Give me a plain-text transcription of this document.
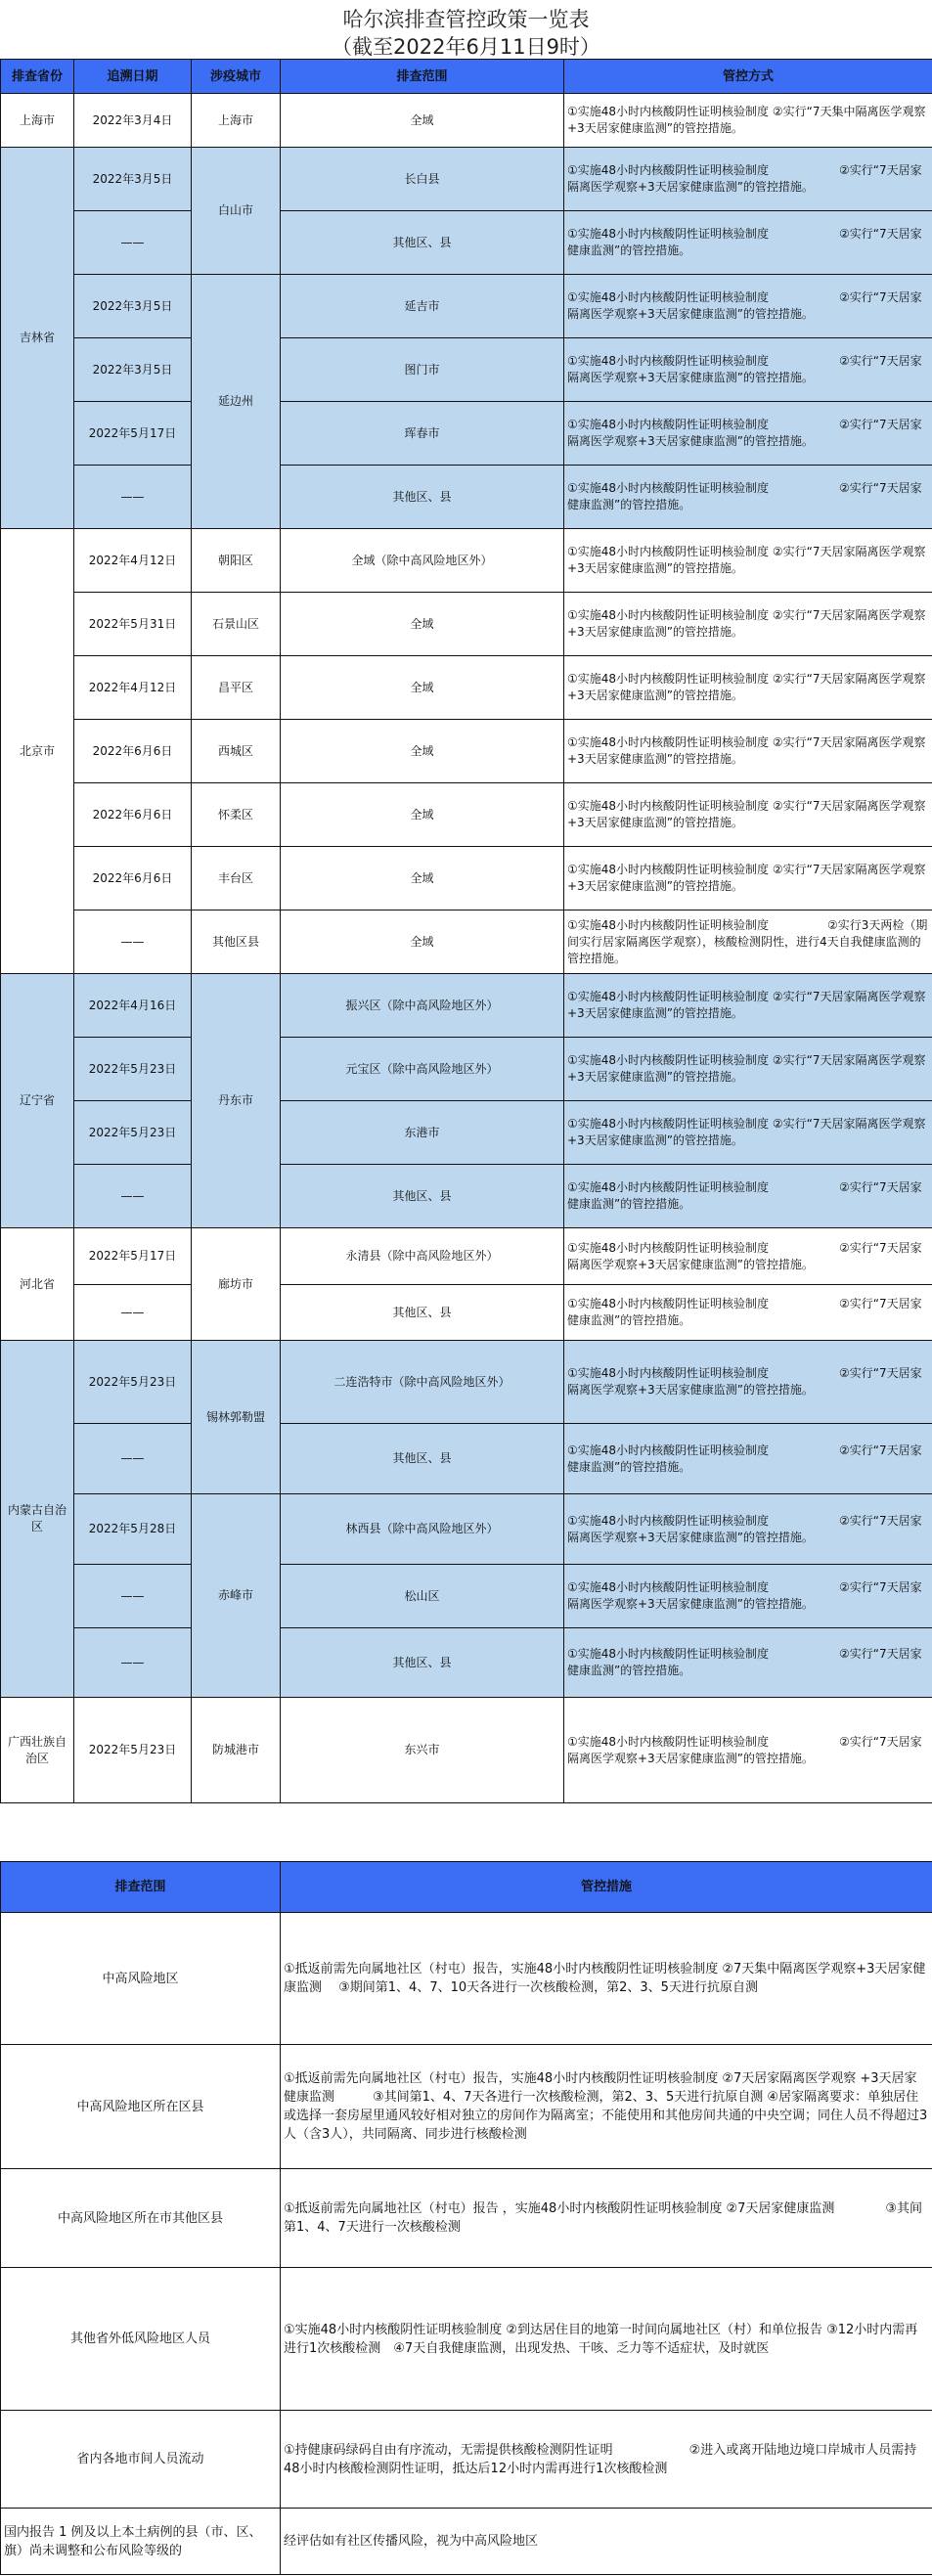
哈尔滨排查管控政策一览表
（截至2022年6月11日9时）
排查省份	追溯日期	涉疫城市	排查范围	管控方式
上海市	2022年3月4日	上海市	全域	①实施48小时内核酸阴性证明核验制度 ②实行“7天集中隔离医学观察+3天居家健康监测”的管控措施。
吉林省	2022年3月5日	白山市	长白县	①实施48小时内核酸阴性证明核验制度　　　　　　②实行“7天居家隔离医学观察+3天居家健康监测”的管控措施。
	——		其他区、县	①实施48小时内核酸阴性证明核验制度　　　　　　②实行“7天居家健康监测”的管控措施。
	2022年3月5日	延边州	延吉市	①实施48小时内核酸阴性证明核验制度　　　　　　②实行“7天居家隔离医学观察+3天居家健康监测”的管控措施。
	2022年3月5日		图门市	①实施48小时内核酸阴性证明核验制度　　　　　　②实行“7天居家隔离医学观察+3天居家健康监测”的管控措施。
	2022年5月17日		珲春市	①实施48小时内核酸阴性证明核验制度　　　　　　②实行“7天居家隔离医学观察+3天居家健康监测”的管控措施。
	——		其他区、县	①实施48小时内核酸阴性证明核验制度　　　　　　②实行“7天居家健康监测”的管控措施。
北京市	2022年4月12日	朝阳区	全域（除中高风险地区外）	①实施48小时内核酸阴性证明核验制度 ②实行“7天居家隔离医学观察+3天居家健康监测”的管控措施。
	2022年5月31日	石景山区	全域	①实施48小时内核酸阴性证明核验制度 ②实行“7天居家隔离医学观察+3天居家健康监测”的管控措施。
	2022年4月12日	昌平区	全域	①实施48小时内核酸阴性证明核验制度 ②实行“7天居家隔离医学观察+3天居家健康监测”的管控措施。
	2022年6月6日	西城区	全域	①实施48小时内核酸阴性证明核验制度 ②实行“7天居家隔离医学观察+3天居家健康监测”的管控措施。
	2022年6月6日	怀柔区	全域	①实施48小时内核酸阴性证明核验制度 ②实行“7天居家隔离医学观察+3天居家健康监测”的管控措施。
	2022年6月6日	丰台区	全域	①实施48小时内核酸阴性证明核验制度 ②实行“7天居家隔离医学观察+3天居家健康监测”的管控措施。
	——	其他区县	全域	①实施48小时内核酸阴性证明核验制度　　　　　②实行3天两检（期间实行居家隔离医学观察），核酸检测阴性，进行4天自我健康监测的管控措施。
辽宁省	2022年4月16日	丹东市	振兴区（除中高风险地区外）	①实施48小时内核酸阴性证明核验制度 ②实行“7天居家隔离医学观察+3天居家健康监测”的管控措施。
	2022年5月23日		元宝区（除中高风险地区外）	①实施48小时内核酸阴性证明核验制度 ②实行“7天居家隔离医学观察+3天居家健康监测”的管控措施。
	2022年5月23日		东港市	①实施48小时内核酸阴性证明核验制度 ②实行“7天居家隔离医学观察+3天居家健康监测”的管控措施。
	——		其他区、县	①实施48小时内核酸阴性证明核验制度　　　　　　②实行“7天居家健康监测”的管控措施。
河北省	2022年5月17日	廊坊市	永清县（除中高风险地区外）	①实施48小时内核酸阴性证明核验制度　　　　　　②实行“7天居家隔离医学观察+3天居家健康监测”的管控措施。
	——		其他区、县	①实施48小时内核酸阴性证明核验制度　　　　　　②实行“7天居家健康监测”的管控措施。
内蒙古自治区	2022年5月23日	锡林郭勒盟	二连浩特市（除中高风险地区外）	①实施48小时内核酸阴性证明核验制度　　　　　　②实行“7天居家隔离医学观察+3天居家健康监测”的管控措施。
	——		其他区、县	①实施48小时内核酸阴性证明核验制度　　　　　　②实行“7天居家健康监测”的管控措施。
	2022年5月28日	赤峰市	林西县（除中高风险地区外）	①实施48小时内核酸阴性证明核验制度　　　　　　②实行“7天居家隔离医学观察+3天居家健康监测”的管控措施。
	——		松山区	①实施48小时内核酸阴性证明核验制度　　　　　　②实行“7天居家隔离医学观察+3天居家健康监测”的管控措施。
	——		其他区、县	①实施48小时内核酸阴性证明核验制度　　　　　　②实行“7天居家健康监测”的管控措施。
广西壮族自治区	2022年5月23日	防城港市	东兴市	①实施48小时内核酸阴性证明核验制度　　　　　　②实行“7天居家隔离医学观察+3天居家健康监测”的管控措施。
排查范围	管控措施
中高风险地区	①抵返前需先向属地社区（村屯）报告，实施48小时内核酸阴性证明核验制度 ②7天集中隔离医学观察+3天居家健康监测　 ③期间第1、4、7、10天各进行一次核酸检测，第2、3、5天进行抗原自测
中高风险地区所在区县	①抵返前需先向属地社区（村屯）报告，实施48小时内核酸阴性证明核验制度 ②7天居家隔离医学观察 +3天居家健康监测　　　③其间第1、4、7天各进行一次核酸检测，第2、3、5天进行抗原自测 ④居家隔离要求：单独居住或选择一套房屋里通风较好相对独立的房间作为隔离室；不能使用和其他房间共通的中央空调；同住人员不得超过3人（含3人），共同隔离、同步进行核酸检测
中高风险地区所在市其他区县	①抵返前需先向属地社区（村屯）报告 ，实施48小时内核酸阴性证明核验制度 ②7天居家健康监测　　　　③其间第1、4、7天进行一次核酸检测
其他省外低风险地区人员	①实施48小时内核酸阴性证明核验制度 ②到达居住目的地第一时间向属地社区（村）和单位报告 ③12小时内需再进行1次核酸检测　④7天自我健康监测，出现发热、干咳、乏力等不适症状，及时就医
省内各地市间人员流动	①持健康码绿码自由有序流动，无需提供核酸检测阴性证明　　　　　　②进入或离开陆地边境口岸城市人员需持48小时内核酸检测阴性证明，抵达后12小时内需再进行1次核酸检测
国内报告 1 例及以上本土病例的县（市、区、旗）尚未调整和公布风险等级的	经评估如有社区传播风险，视为中高风险地区
